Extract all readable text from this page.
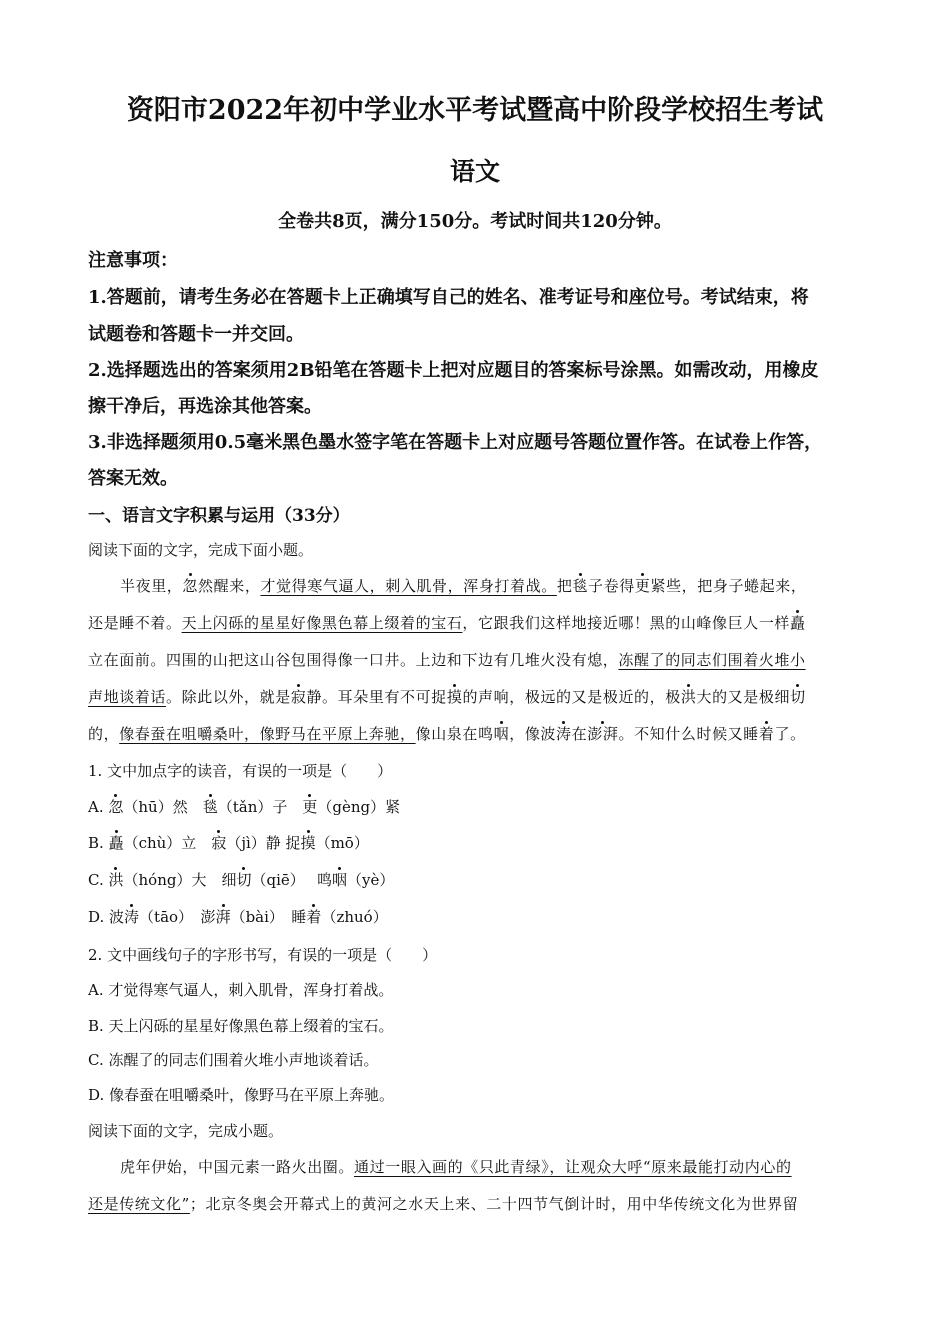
资阳市2022年初中学业水平考试暨高中阶段学校招生考试
语文
全卷共8页，满分150分。考试时间共120分钟。
注意事项：
1.答题前，请考生务必在答题卡上正确填写自己的姓名、准考证号和座位号。考试结束，将
试题卷和答题卡一并交回。
2.选择题选出的答案须用2B铅笔在答题卡上把对应题目的答案标号涂黑。如需改动，用橡皮
擦干净后，再选涂其他答案。
3.非选择题须用0.5毫米黑色墨水签字笔在答题卡上对应题号答题位置作答。在试卷上作答，
答案无效。
一、语言文字积累与运用（33分）
阅读下面的文字，完成下面小题。
半夜里，忽然醒来，才觉得寒气逼人，刺入肌骨，浑身打着战。把毯子卷得更紧些，把身子蜷起来，
还是睡不着。天上闪砾的星星好像黑色幕上缀着的宝石，它跟我们这样地接近哪！黑的山峰像巨人一样矗
立在面前。四围的山把这山谷包围得像一口井。上边和下边有几堆火没有熄，冻醒了的同志们围着火堆小
声地谈着话。除此以外，就是寂静。耳朵里有不可捉摸的声响，极远的又是极近的，极洪大的又是极细切
的，像春蚕在咀嚼桑叶，像野马在平原上奔驰，像山泉在鸣咽，像波涛在澎湃。不知什么时候又睡着了。
1. 文中加点字的读音，有误的一项是（　　）
A. 忽（hū）然　毯（tǎn）子　更（gèng）紧
B. 矗（chù）立　寂（jì）静 捉摸（mō）
C. 洪（hóng）大　细切（qiē）　 鸣咽（yè）
D. 波涛（tāo）　澎湃（bài）　睡着（zhuó）
2. 文中画线句子的字形书写，有误的一项是（　　）
A. 才觉得寒气逼人，刺入肌骨，浑身打着战。
B. 天上闪砾的星星好像黑色幕上缀着的宝石。
C. 冻醒了的同志们围着火堆小声地谈着话。
D. 像春蚕在咀嚼桑叶，像野马在平原上奔驰。
阅读下面的文字，完成小题。
虎年伊始，中国元素一路火出圈。通过一眼入画的《只此青绿》，让观众大呼“原来最能打动内心的
还是传统文化”；北京冬奥会开幕式上的黄河之水天上来、二十四节气倒计时，用中华传统文化为世界留
